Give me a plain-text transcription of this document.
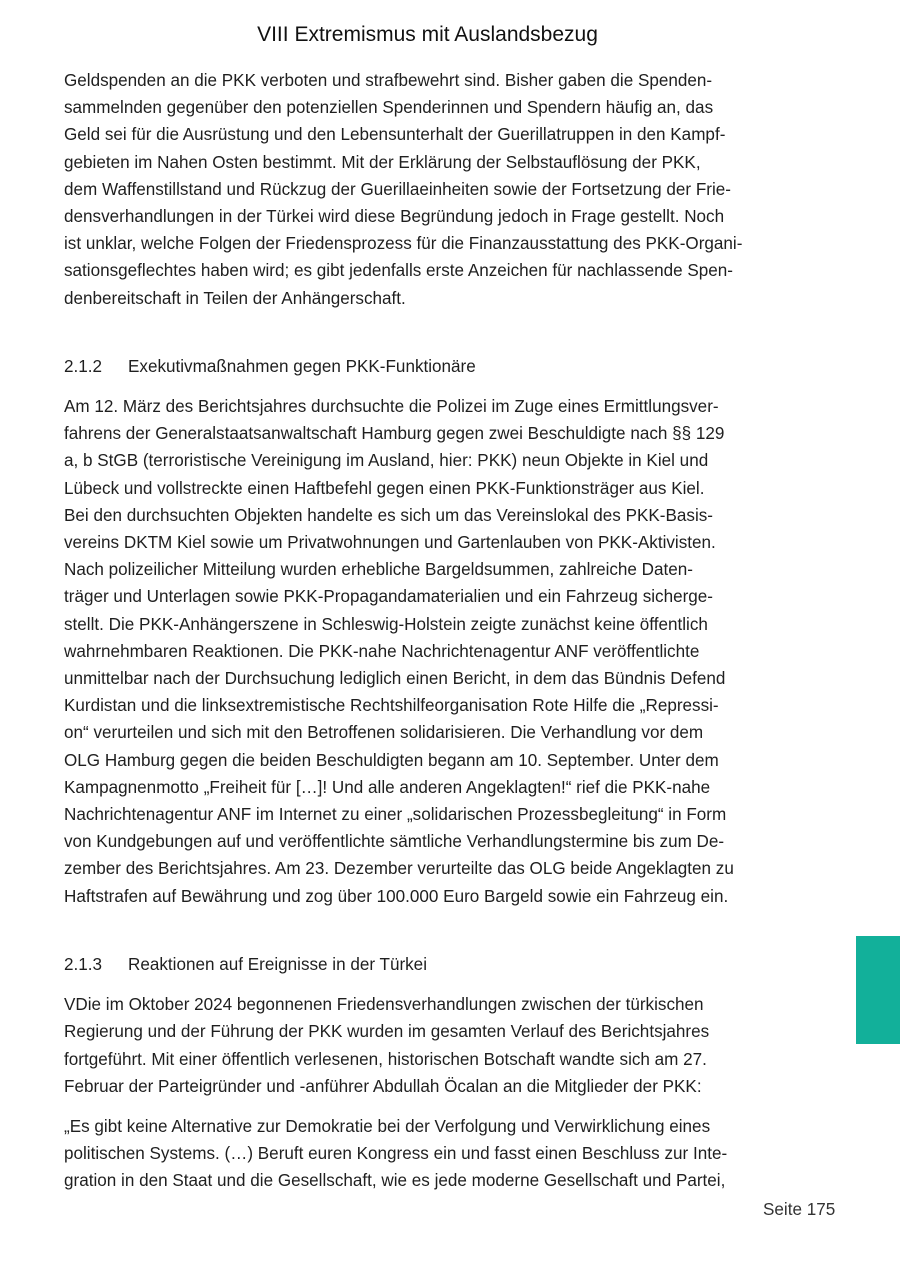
VIII Extremismus mit Auslandsbezug

Geldspenden an die PKK verboten und strafbewehrt sind. Bisher gaben die Spenden-

sammelnden gegenüber den potenziellen Spenderinnen und Spendern häufig an, das

Geld sei für die Ausrüstung und den Lebensunterhalt der Guerillatruppen in den Kampf-

gebieten im Nahen Osten bestimmt. Mit der Erklärung der Selbstauflösung der PKK,

dem Waffenstillstand und Rückzug der Guerillaeinheiten sowie der Fortsetzung der Frie-

densverhandlungen in der Türkei wird diese Begründung jedoch in Frage gestellt. Noch

ist unklar, welche Folgen der Friedensprozess für die Finanzausstattung des PKK-Organi-

sationsgeflechtes haben wird; es gibt jedenfalls erste Anzeichen für nachlassende Spen-

denbereitschaft in Teilen der Anhängerschaft.

2.1.2 Exekutivmaßnahmen gegen PKK-Funktionäre

Am 12. März des Berichtsjahres durchsuchte die Polizei im Zuge eines Ermittlungsver-

fahrens der Generalstaatsanwaltschaft Hamburg gegen zwei Beschuldigte nach §§ 129

a, b StGB (terroristische Vereinigung im Ausland, hier: PKK) neun Objekte in Kiel und

Lübeck und vollstreckte einen Haftbefehl gegen einen PKK-Funktionsträger aus Kiel.

Bei den durchsuchten Objekten handelte es sich um das Vereinslokal des PKK-Basis-

vereins DKTM Kiel sowie um Privatwohnungen und Gartenlauben von PKK-Aktivisten.

Nach polizeilicher Mitteilung wurden erhebliche Bargeldsummen, zahlreiche Daten-

träger und Unterlagen sowie PKK-Propagandamaterialien und ein Fahrzeug sicherge-

stellt. Die PKK-Anhängerszene in Schleswig-Holstein zeigte zunächst keine öffentlich

wahrnehmbaren Reaktionen. Die PKK-nahe Nachrichtenagentur ANF veröffentlichte

unmittelbar nach der Durchsuchung lediglich einen Bericht, in dem das Bündnis Defend

Kurdistan und die linksextremistische Rechtshilfeorganisation Rote Hilfe die „Repressi-

on“ verurteilen und sich mit den Betroffenen solidarisieren. Die Verhandlung vor dem

OLG Hamburg gegen die beiden Beschuldigten begann am 10. September. Unter dem

Kampagnenmotto „Freiheit für […]! Und alle anderen Angeklagten!“ rief die PKK-nahe

Nachrichtenagentur ANF im Internet zu einer „solidarischen Prozessbegleitung“ in Form

von Kundgebungen auf und veröffentlichte sämtliche Verhandlungstermine bis zum De-

zember des Berichtsjahres. Am 23. Dezember verurteilte das OLG beide Angeklagten zu

Haftstrafen auf Bewährung und zog über 100.000 Euro Bargeld sowie ein Fahrzeug ein.

2.1.3 Reaktionen auf Ereignisse in der Türkei

VDie im Oktober 2024 begonnenen Friedensverhandlungen zwischen der türkischen

Regierung und der Führung der PKK wurden im gesamten Verlauf des Berichtsjahres

fortgeführt. Mit einer öffentlich verlesenen, historischen Botschaft wandte sich am 27.

Februar der Parteigründer und -anführer Abdullah Öcalan an die Mitglieder der PKK:

„Es gibt keine Alternative zur Demokratie bei der Verfolgung und Verwirklichung eines

politischen Systems. (…) Beruft euren Kongress ein und fasst einen Beschluss zur Inte-

gration in den Staat und die Gesellschaft, wie es jede moderne Gesellschaft und Partei,

Seite 175
